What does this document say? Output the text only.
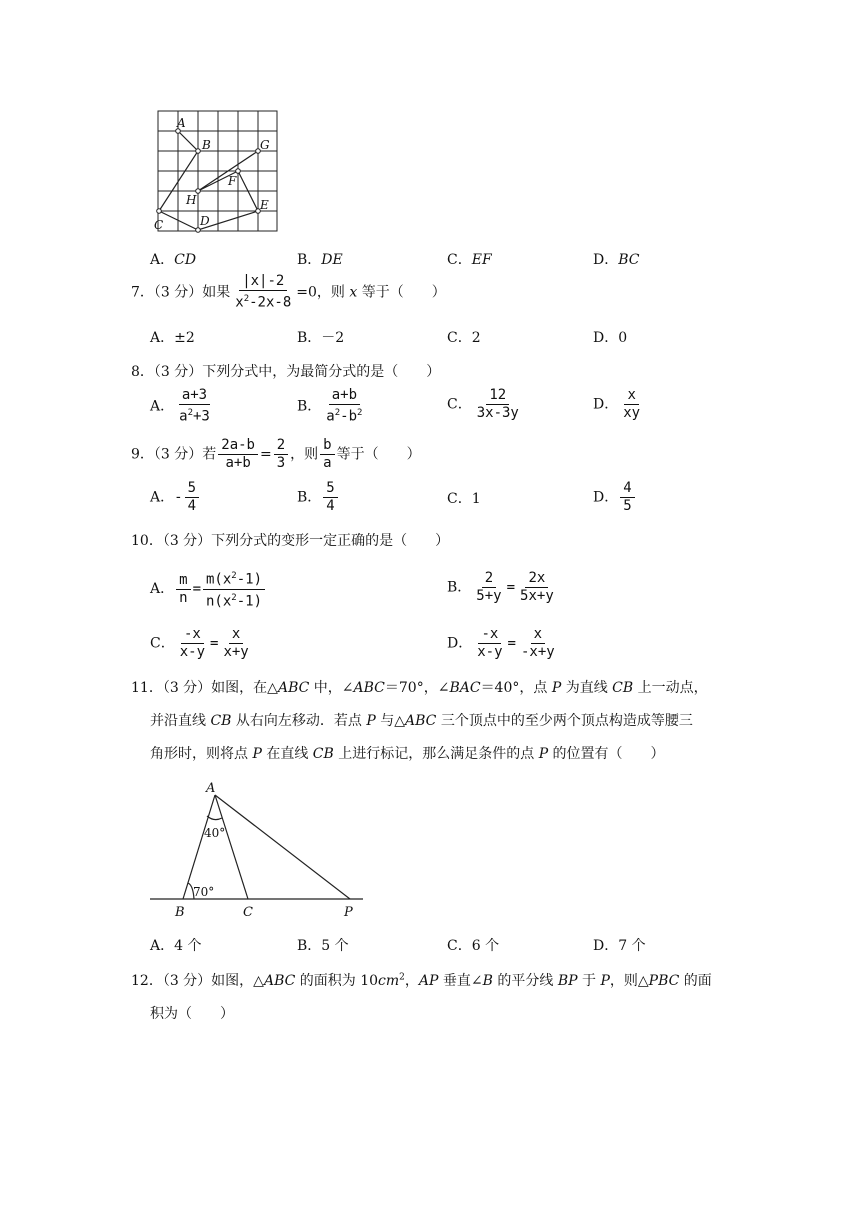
A
B	G
F
H
C	D
E
A．CD	B．DE	C．EF	D．BC
7．（3 分）如果 $\frac{|x|-2}{x^2-2x-8} =0$，则 x 等于（　　）
A．±2	B．－2	C．2	D．0
8．（3 分）下列分式中，为最简分式的是（　　）
A． $\frac{a+3}{a^2+3}$	B． $\frac{a+b}{a^2-b^2}$	C． $\frac{12}{3x-3y}$	D． $\frac{x}{xy}$
9．（3 分）若 $\frac{2a-b}{a+b} = \frac{2}{3}$ ，则 $\frac{b}{a}$ 等于（　　）
A．- $\frac{5}{4}$	B． $\frac{5}{4}$	C．1	D． $\frac{4}{5}$
10．（3 分）下列分式的变形一定正确的是（　　）
A． $\frac{m}{n} = \frac{m(x^2-1)}{n(x^2-1)}$	B． $\frac{2}{5+y} = \frac{2x}{5x+y}$
C． $\frac{-x}{x-y} = \frac{x}{x+y}$	D． $\frac{-x}{x-y} = \frac{x}{-x+y}$
11．（3 分）如图，在△ABC 中，∠ABC＝70°，∠BAC＝40°，点 P 为直线 CB 上一动点，
并沿直线 CB 从右向左移动．若点 P 与△ABC 三个顶点中的至少两个顶点构造成等腰三
角形时，则将点 P 在直线 CB 上进行标记，那么满足条件的点 P 的位置有（　　）
A
B	C	P
40°
70°
A．4 个	B．5 个	C．6 个	D．7 个
12．（3 分）如图，△ABC 的面积为 $10cm^2$，AP 垂直∠B 的平分线 BP 于 P，则△PBC 的面
积为（　　）
